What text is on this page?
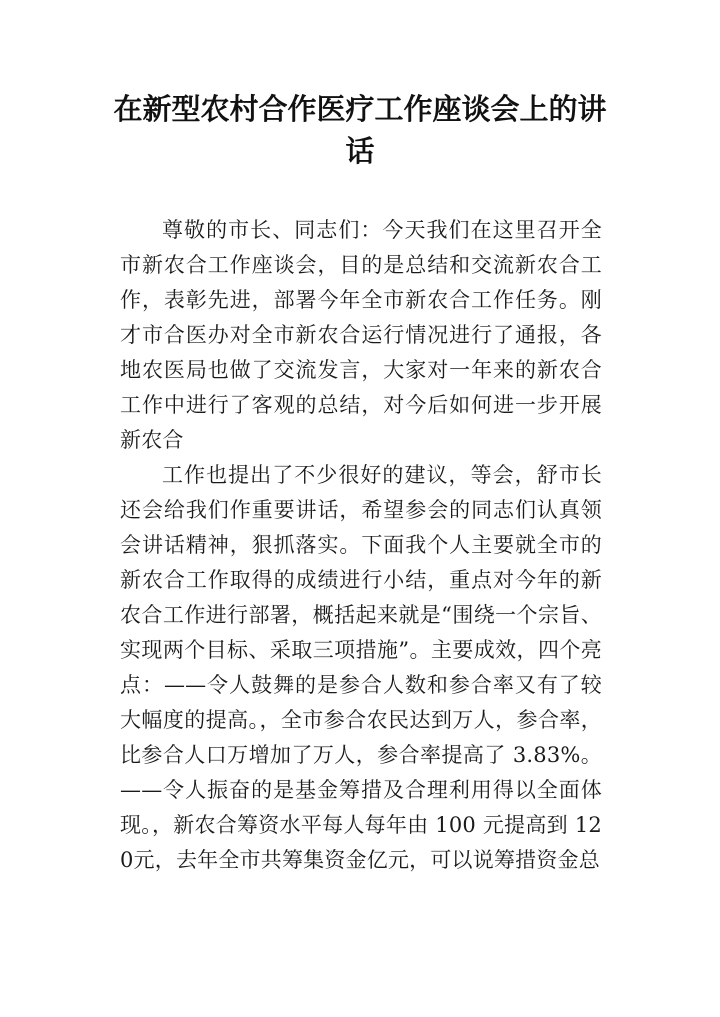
在新型农村合作医疗工作座谈会上的讲话

尊敬的市长、同志们：今天我们在这里召开全市新农合工作座谈会，目的是总结和交流新农合工作，表彰先进，部署今年全市新农合工作任务。刚才市合医办对全市新农合运行情况进行了通报，各地农医局也做了交流发言，大家对一年来的新农合工作中进行了客观的总结，对今后如何进一步开展新农合

工作也提出了不少很好的建议，等会，舒市长还会给我们作重要讲话，希望参会的同志们认真领会讲话精神，狠抓落实。下面我个人主要就全市的新农合工作取得的成绩进行小结，重点对今年的新农合工作进行部署，概括起来就是“围绕一个宗旨、实现两个目标、采取三项措施”。主要成效，四个亮点：——令人鼓舞的是参合人数和参合率又有了较大幅度的提高。，全市参合农民达到万人，参合率，比参合人口万增加了万人，参合率提高了 3.83%。——令人振奋的是基金筹措及合理利用得以全面体现。，新农合筹资水平每人每年由 100 元提高到 120元，去年全市共筹集资金亿元，可以说筹措资金总
